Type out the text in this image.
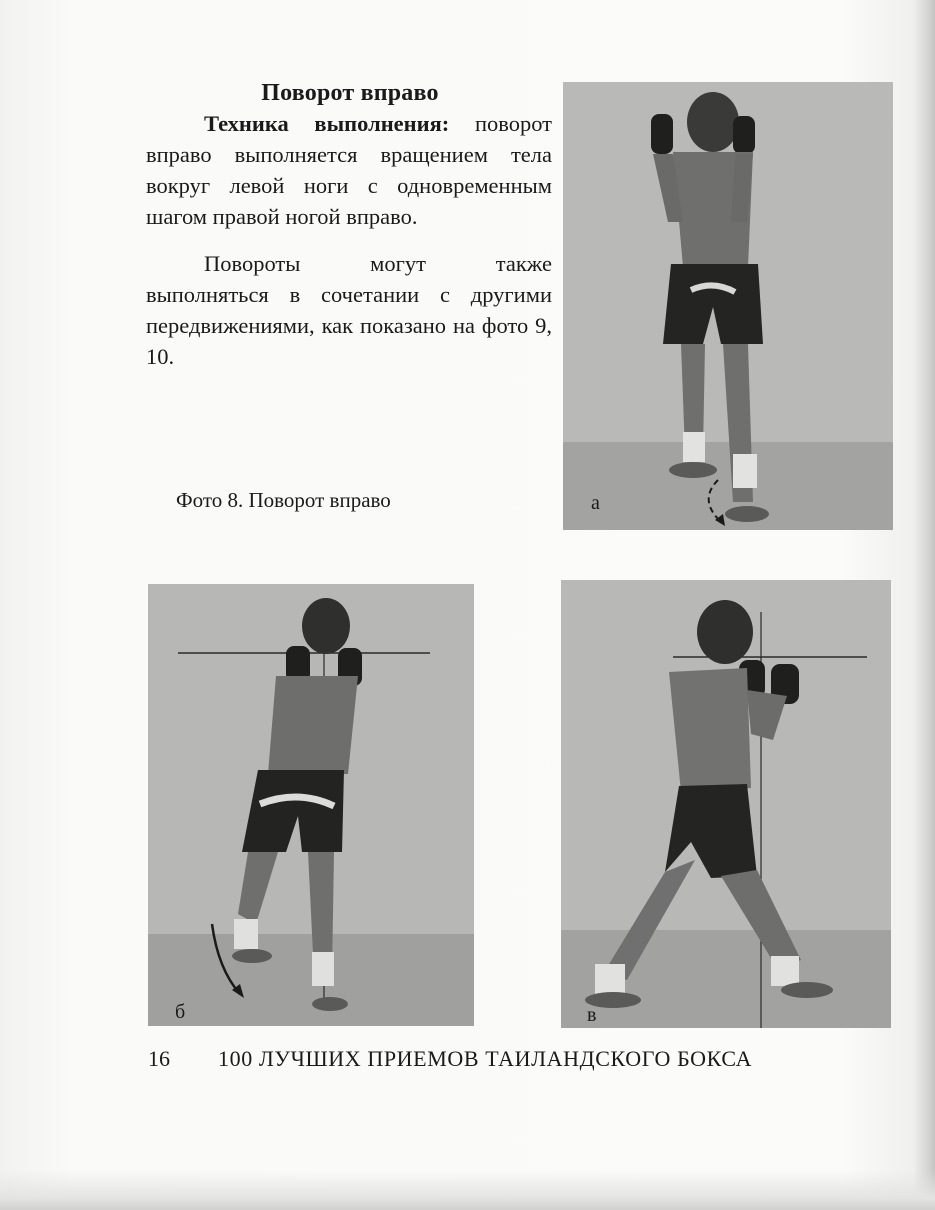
Поворот вправо

Техника выполнения: поворот вправо выполняется вращением тела вокруг левой ноги с одновременным шагом правой ногой вправо.

Повороты могут также выполняться в сочетании с другими передвижениями, как показано на фото 9, 10.

Фото 8. Поворот вправо	а
б	в
16 100 ЛУЧШИХ ПРИЕМОВ ТАИЛАНДСКОГО БОКСА
